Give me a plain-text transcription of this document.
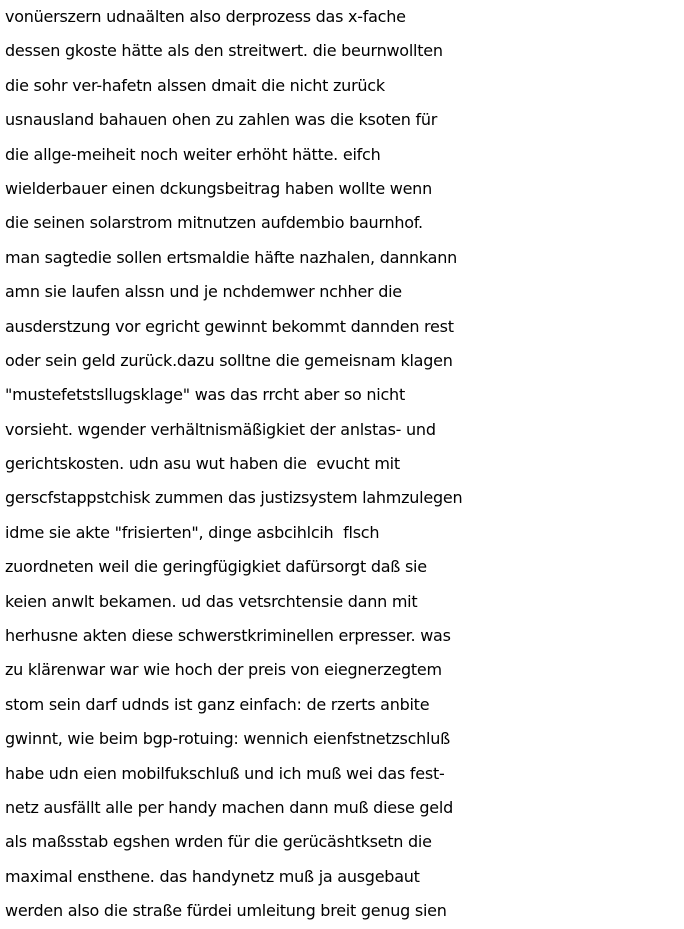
vonüerszern udnaälten also derprozess das x-fache
dessen gkoste hätte als den streitwert. die beurnwollten
die sohr ver-hafetn alssen dmait die nicht zurück
usnausland bahauen ohen zu zahlen was die ksoten für
die allge-meiheit noch weiter erhöht hätte. eifch
wielderbauer einen dckungsbeitrag haben wollte wenn
die seinen solarstrom mitnutzen aufdembio baurnhof.
man sagtedie sollen ertsmaldie häfte nazhalen, dannkann
amn sie laufen alssn und je nchdemwer nchher die
ausderstzung vor egricht gewinnt bekommt dannden rest
oder sein geld zurück.dazu solltne die gemeisnam klagen
"mustefetstsllugsklage" was das rrcht aber so nicht
vorsieht. wgender verhältnismäßigkiet der anlstas- und
gerichtskosten. udn asu wut haben die  evucht mit
gerscfstappstchisk zummen das justizsystem lahmzulegen
idme sie akte "frisierten", dinge asbcihlcih  flsch
zuordneten weil die geringfügigkiet dafürsorgt daß sie
keien anwlt bekamen. ud das vetsrchtensie dann mit
herhusne akten diese schwerstkriminellen erpresser. was
zu klärenwar war wie hoch der preis von eiegnerzegtem
stom sein darf udnds ist ganz einfach: de rzerts anbite
gwinnt, wie beim bgp-rotuing: wennich eienfstnetzschluß
habe udn eien mobilfukschluß und ich muß wei das fest-
netz ausfällt alle per handy machen dann muß diese geld
als maßsstab egshen wrden für die gerücäshtksetn die
maximal ensthene. das handynetz muß ja ausgebaut
werden also die straße fürdei umleitung breit genug sien
